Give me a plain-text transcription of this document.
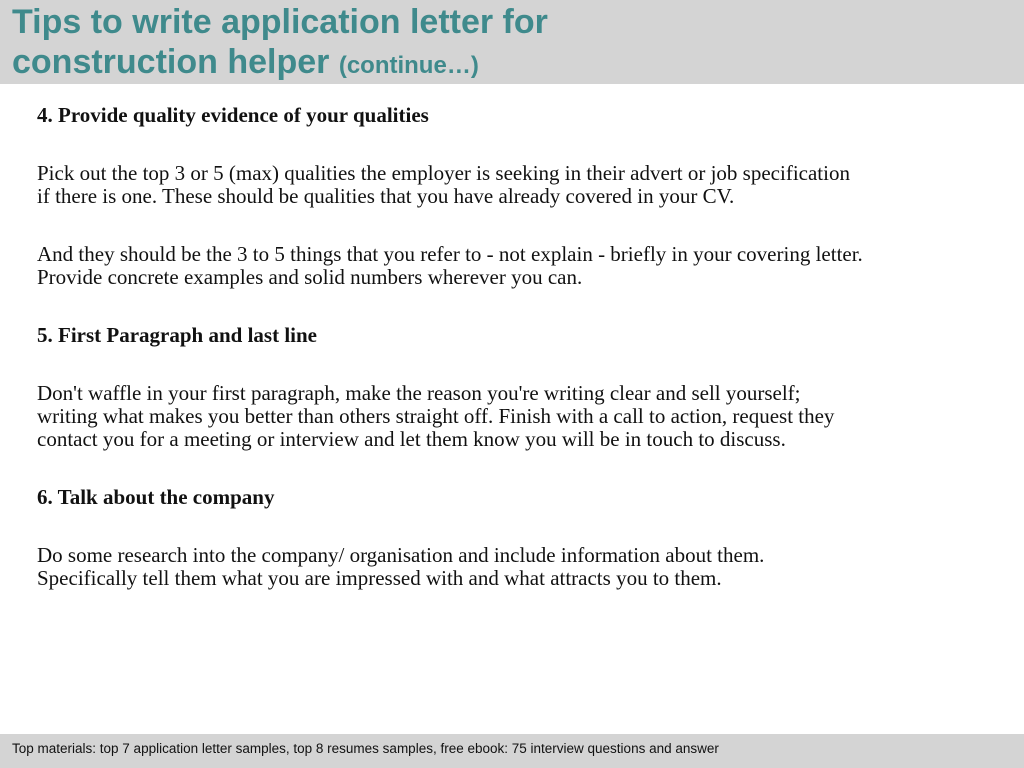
Tips to write application letter for
construction helper (continue…)

4. Provide quality evidence of your qualities

Pick out the top 3 or 5 (max) qualities the employer is seeking in their advert or job specification
if there is one. These should be qualities that you have already covered in your CV.

And they should be the 3 to 5 things that you refer to - not explain - briefly in your covering letter.
Provide concrete examples and solid numbers wherever you can.

5. First Paragraph and last line

Don't waffle in your first paragraph, make the reason you're writing clear and sell yourself;
writing what makes you better than others straight off. Finish with a call to action, request they
contact you for a meeting or interview and let them know you will be in touch to discuss.

6. Talk about the company

Do some research into the company/ organisation and include information about them.
Specifically tell them what you are impressed with and what attracts you to them.

Top materials: top 7 application letter samples, top 8 resumes samples, free ebook: 75 interview questions and answer
